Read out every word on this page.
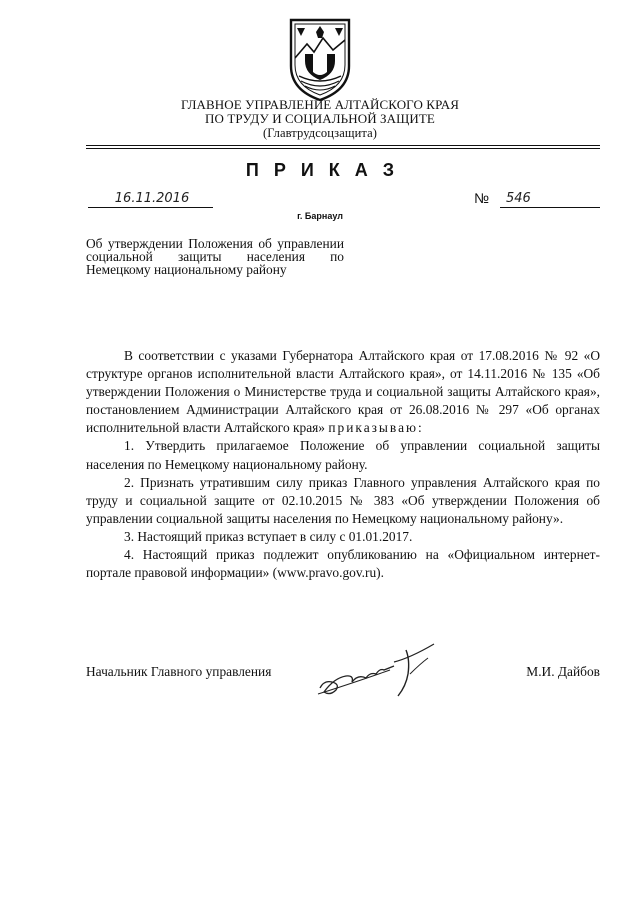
ГЛАВНОЕ УПРАВЛЕНИЕ АЛТАЙСКОГО КРАЯ
ПО ТРУДУ И СОЦИАЛЬНОЙ ЗАЩИТЕ
(Главтрудсоцзащита)
ПРИКАЗ
16.11.2016	№ 546
г. Барнаул
Об утверждении Положения об управлении социальной защиты населения по Немецкому национальному району

В соответствии с указами Губернатора Алтайского края от 17.08.2016 № 92 «О структуре органов исполнительной власти Алтайского края», от 14.11.2016 № 135 «Об утверждении Положения о Министерстве труда и социальной защиты Алтайского края», постановлением Администрации Алтайского края от 26.08.2016 № 297 «Об органах исполнительной власти Алтайского края» приказываю:

1. Утвердить прилагаемое Положение об управлении социальной защиты населения по Немецкому национальному району.

2. Признать утратившим силу приказ Главного управления Алтайского края по труду и социальной защите от 02.10.2015 № 383 «Об утверждении Положения об управлении социальной защиты населения по Немецкому национальному району».

3. Настоящий приказ вступает в силу с 01.01.2017.

4. Настоящий приказ подлежит опубликованию на «Официальном интернет-портале правовой информации» (www.pravo.gov.ru).

Начальник Главного управления	М.И. Дайбов
